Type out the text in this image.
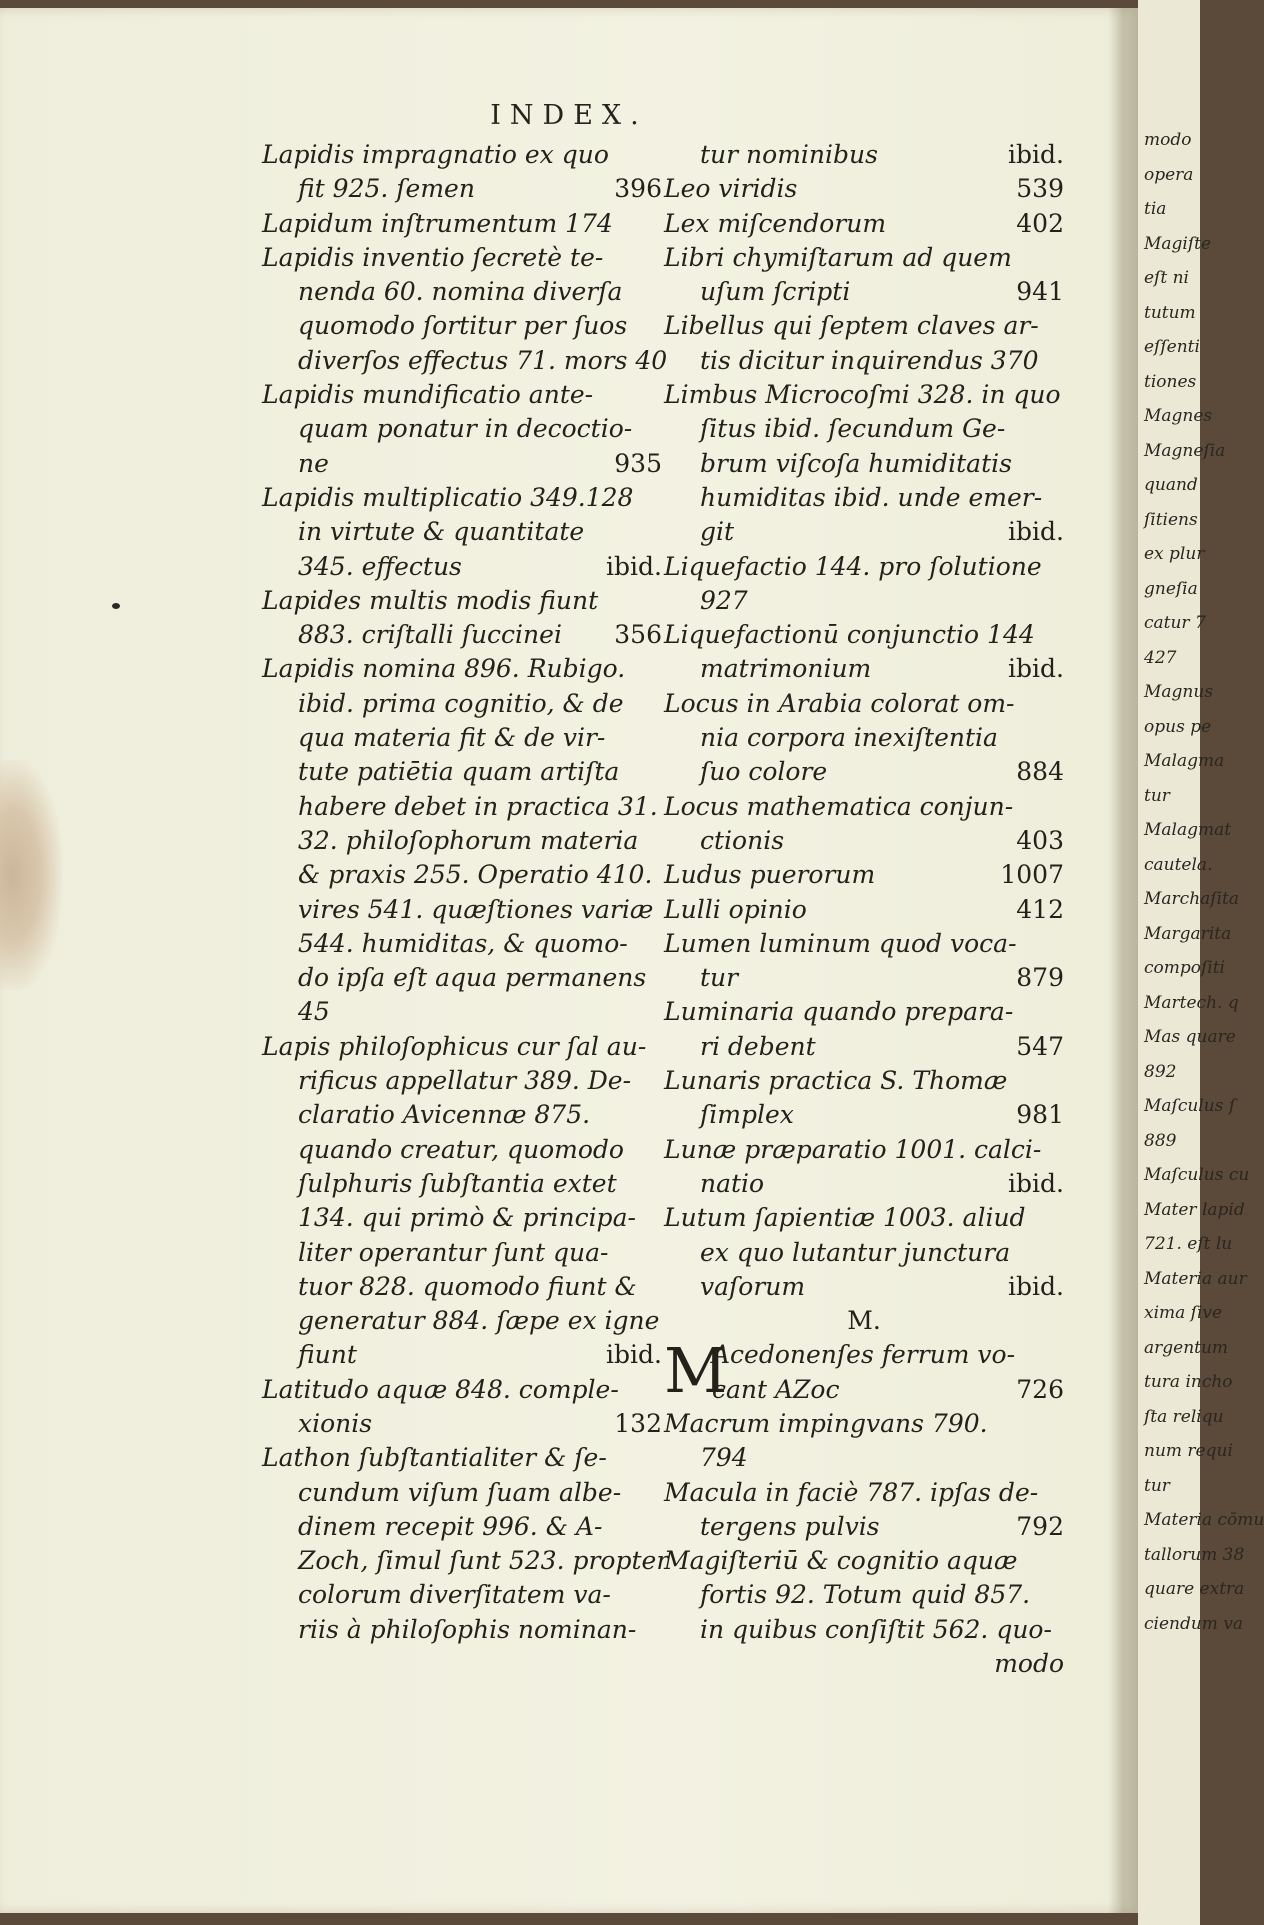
INDEX.
Lapidis impragnatio ex quo
fit 925. ſemen	396
Lapidum inſtrumentum 174
Lapidis inventio ſecretè te-
nenda 60. nomina diverſa
quomodo ſortitur per ſuos
diverſos effectus 71. mors 40
Lapidis mundificatio ante-
quam ponatur in decoctio-
ne	935
Lapidis multiplicatio 349.128
in virtute & quantitate
345. effectus	ibid.
Lapides multis modis fiunt
883. criſtalli ſuccinei 356
Lapidis nomina 896. Rubigo.
ibid. prima cognitio, & de
qua materia fit & de vir-
tute patiētia quam artiſta
habere debet in practica 31.
32. philoſophorum materia
& praxis 255. Operatio 410.
vires 541. quæſtiones variæ
544. humiditas, & quomo-
do ipſa eſt aqua permanens
45
Lapis philoſophicus cur ſal au-
rificus appellatur 389. De-
claratio Avicennæ 875.
quando creatur, quomodo
ſulphuris ſubſtantia extet
134. qui primò & principa-
liter operantur ſunt qua-
tuor 828. quomodo fiunt &
generatur 884. ſæpe ex igne
fiunt	ibid.
Latitudo aquæ 848. comple-
xionis	132
Lathon ſubſtantialiter & ſe-
cundum viſum ſuam albe-
dinem recepit 996. & A-
Zoch, ſimul ſunt 523. propter
colorum diverſitatem va-
riis à philoſophis nominan-
tur nominibus	ibid.
Leo viridis	539
Lex miſcendorum	402
Libri chymiſtarum ad quem
uſum ſcripti	941
Libellus qui ſeptem claves ar-
tis dicitur inquirendus 370
Limbus Microcoſmi 328. in quo
ſitus ibid. ſecundum Ge-
brum viſcoſa humiditatis
humiditas ibid. unde emer-
git	ibid.
Liquefactio 144. pro ſolutione
927
Liquefactionū conjunctio 144
matrimonium	ibid.
Locus in Arabia colorat om-
nia corpora inexiſtentia
ſuo colore	884
Locus mathematica conjun-
ctionis	403
Ludus puerorum	1007
Lulli opinio	412
Lumen luminum quod voca-
tur	879
Luminaria quando prepara-
ri debent	547
Lunaris practica S. Thomæ
ſimplex	981
Lunæ præparatio 1001. calci-
natio	ibid.
Lutum ſapientiæ 1003. aliud
ex quo lutantur junctura
vaſorum	ibid.
M.
M
Acedonenſes ferrum vo-
cant AZoc	726
Macrum impingvans 790.
794
Macula in faciè 787. ipſas de-
tergens pulvis	792
Magiſteriū & cognitio aquæ
fortis 92. Totum quid 857.
in quibus conſiſtit 562. quo-
modo
modo
opera
tia
Magiſte
eſt ni
tutum
eſſenti
tiones
Magnes
Magneſia
quand
ſitiens
ex plur
gneſia
catur 7
427
Magnus
opus pe
Malagma
tur
Malagmat
cautela.
Marchaſita
Margarita
compoſiti
Martech. q
Mas quare
892
Maſculus ſ
889
Maſculus cu
Mater lapid
721. eſt lu
Materia aur
xima ſive
argentum
tura incho
ſta reliqu
num requi
tur
Materia cōmu
tallorum 38
quare extra
ciendum va
